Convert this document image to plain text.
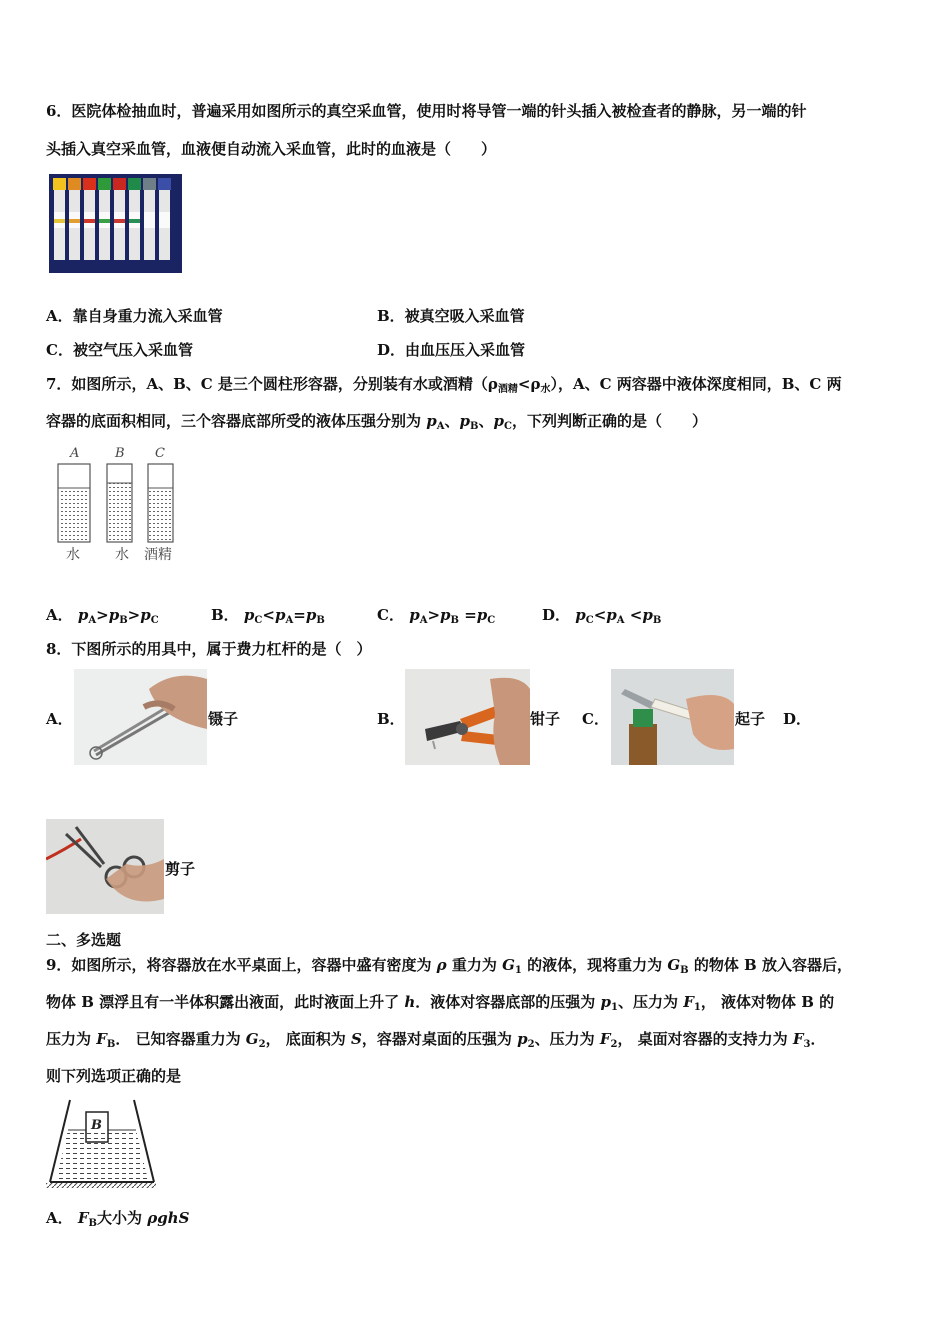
6．医院体检抽血时，普遍采用如图所示的真空采血管，使用时将导管一端的针头插入被检查者的静脉，另一端的针
头插入真空采血管，血液便自动流入采血管，此时的血液是（　　）
A．靠自身重力流入采血管	B．被真空吸入采血管
C．被空气压入采血管	D．由血压压入采血管
7．如图所示，A、B、C 是三个圆柱形容器，分别装有水或酒精$(\rho_{酒精}<\rho_水)$，A、C 两容器中液体深度相同，B、C 两
容器的底面积相同，三个容器底部所受的液体压强分别为 $p_A$、$p_B$、$p_C$，下列判断正确的是（　　）
A	B C
水	水 酒精
A． $p_A>p_B>p_C$	B． $p_C<p_A=p_B$	C． $p_A>p_B =p_C$	D． $p_C<p_A <p_B$
8．下图所示的用具中，属于费力杠杆的是（　）
A．	镊子	B．	钳子 C．	起子 D．
剪子
二、多选题
9．如图所示，将容器放在水平桌面上，容器中盛有密度为 ρ 重力为 $G_1$ 的液体，现将重力为 $G_B$ 的物体 B 放入容器后，
物体 B 漂浮且有一半体积露出液面，此时液面上升了 h．液体对容器底部的压强为 $p_1$、压力为 $F_1$， 液体对物体 B 的
压力为 $F_B$． 已知容器重力为 $G_2$， 底面积为 S，容器对桌面的压强为 $p_2$、压力为 $F_2$， 桌面对容器的支持力为 $F_3$．
则下列选项正确的是
B
A． $F_B$大小为 ρghS
